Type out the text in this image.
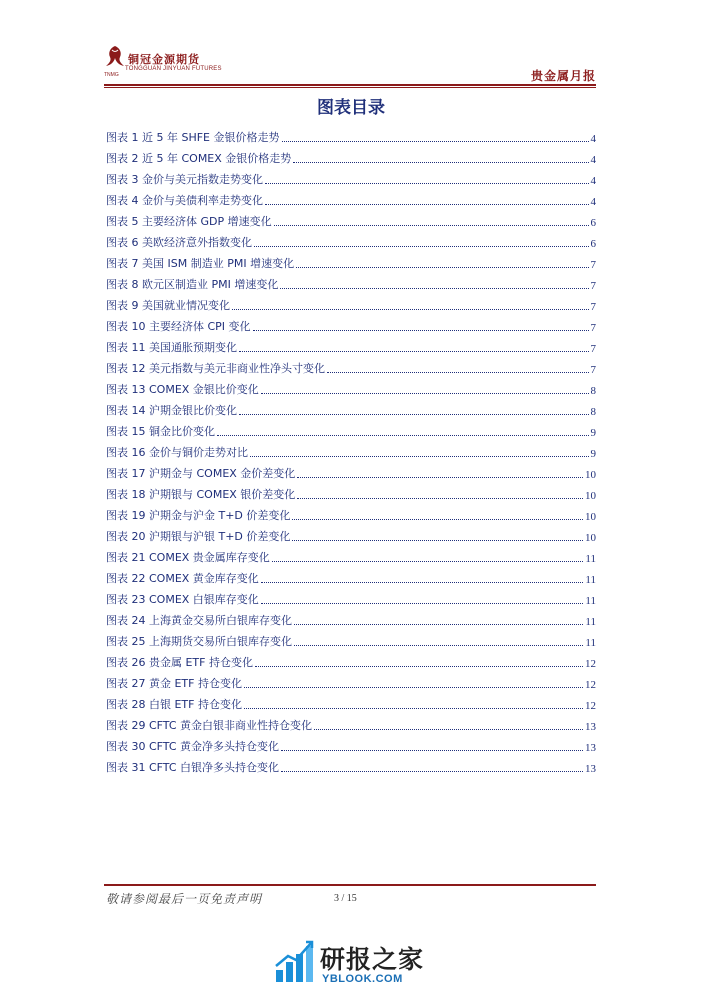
TNMG
铜冠金源期货
TONGGUAN JINYUAN FUTURES	贵金属月报
图表目录
图表 1 近 5 年 SHFE 金银价格走势	4
图表 2 近 5 年 COMEX 金银价格走势	4
图表 3 金价与美元指数走势变化	4
图表 4 金价与美债利率走势变化	4
图表 5 主要经济体 GDP 增速变化	6
图表 6 美欧经济意外指数变化	6
图表 7 美国 ISM 制造业 PMI 增速变化	7
图表 8 欧元区制造业 PMI 增速变化	7
图表 9 美国就业情况变化	7
图表 10 主要经济体 CPI 变化	7
图表 11 美国通胀预期变化	7
图表 12 美元指数与美元非商业性净头寸变化	7
图表 13 COMEX 金银比价变化	8
图表 14 沪期金银比价变化	8
图表 15 铜金比价变化	9
图表 16 金价与铜价走势对比	9
图表 17 沪期金与 COMEX 金价差变化	10
图表 18 沪期银与 COMEX 银价差变化	10
图表 19 沪期金与沪金 T+D 价差变化	10
图表 20 沪期银与沪银 T+D 价差变化	10
图表 21 COMEX 贵金属库存变化	11
图表 22 COMEX 黄金库存变化	11
图表 23 COMEX 白银库存变化	11
图表 24 上海黄金交易所白银库存变化	11
图表 25 上海期货交易所白银库存变化	11
图表 26 贵金属 ETF 持仓变化	12
图表 27 黄金 ETF 持仓变化	12
图表 28 白银 ETF 持仓变化	12
图表 29 CFTC 黄金白银非商业性持仓变化	13
图表 30 CFTC 黄金净多头持仓变化	13
图表 31 CFTC 白银净多头持仓变化	13
敬请参阅最后一页免责声明	3 / 15
研报之家
YBLOOK.COM
